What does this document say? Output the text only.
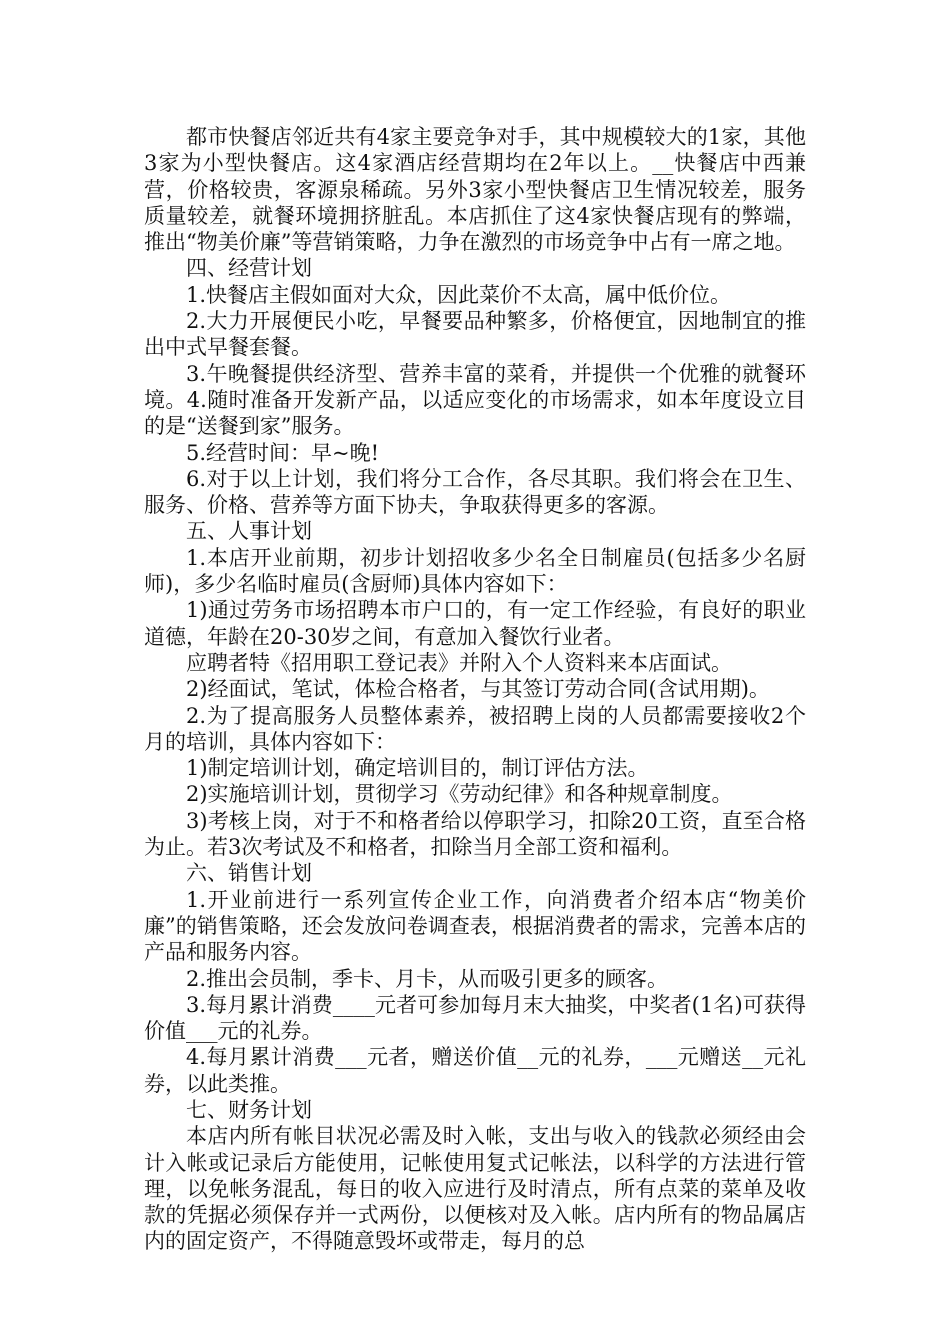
都市快餐店邻近共有4家主要竞争对手，其中规模较大的1家，其他3家为小型快餐店。这4家酒店经营期均在2年以上。__快餐店中西兼营，价格较贵，客源泉稀疏。另外3家小型快餐店卫生情况较差，服务质量较差，就餐环境拥挤脏乱。本店抓住了这4家快餐店现有的弊端，推出“物美价廉”等营销策略，力争在激烈的市场竞争中占有一席之地。

四、经营计划

1.快餐店主假如面对大众，因此菜价不太高，属中低价位。

2.大力开展便民小吃，早餐要品种繁多，价格便宜，因地制宜的推出中式早餐套餐。

3.午晚餐提供经济型、营养丰富的菜肴，并提供一个优雅的就餐环境。4.随时准备开发新产品，以适应变化的市场需求，如本年度设立目的是“送餐到家”服务。

5.经营时间：早~晚!

6.对于以上计划，我们将分工合作，各尽其职。我们将会在卫生、服务、价格、营养等方面下协夫，争取获得更多的客源。

五、人事计划

1.本店开业前期，初步计划招收多少名全日制雇员(包括多少名厨师)，多少名临时雇员(含厨师)具体内容如下：

1)通过劳务市场招聘本市户口的，有一定工作经验，有良好的职业道德，年龄在20-30岁之间，有意加入餐饮行业者。

应聘者特《招用职工登记表》并附入个人资料来本店面试。

2)经面试，笔试，体检合格者，与其签订劳动合同(含试用期)。

2.为了提高服务人员整体素养，被招聘上岗的人员都需要接收2个月的培训，具体内容如下：

1)制定培训计划，确定培训目的，制订评估方法。

2)实施培训计划，贯彻学习《劳动纪律》和各种规章制度。

3)考核上岗，对于不和格者给以停职学习，扣除20工资，直至合格为止。若3次考试及不和格者，扣除当月全部工资和福利。

六、销售计划

1.开业前进行一系列宣传企业工作，向消费者介绍本店“物美价廉”的销售策略，还会发放问卷调查表，根据消费者的需求，完善本店的产品和服务内容。

2.推出会员制，季卡、月卡，从而吸引更多的顾客。

3.每月累计消费____元者可参加每月末大抽奖，中奖者(1名)可获得价值___元的礼券。

4.每月累计消费___元者，赠送价值__元的礼券，___元赠送__元礼券，以此类推。

七、财务计划

本店内所有帐目状况必需及时入帐，支出与收入的钱款必须经由会计入帐或记录后方能使用，记帐使用复式记帐法，以科学的方法进行管理，以免帐务混乱，每日的收入应进行及时清点，所有点菜的菜单及收款的凭据必须保存并一式两份，以便核对及入帐。店内所有的物品属店内的固定资产，不得随意毁坏或带走，每月的总
